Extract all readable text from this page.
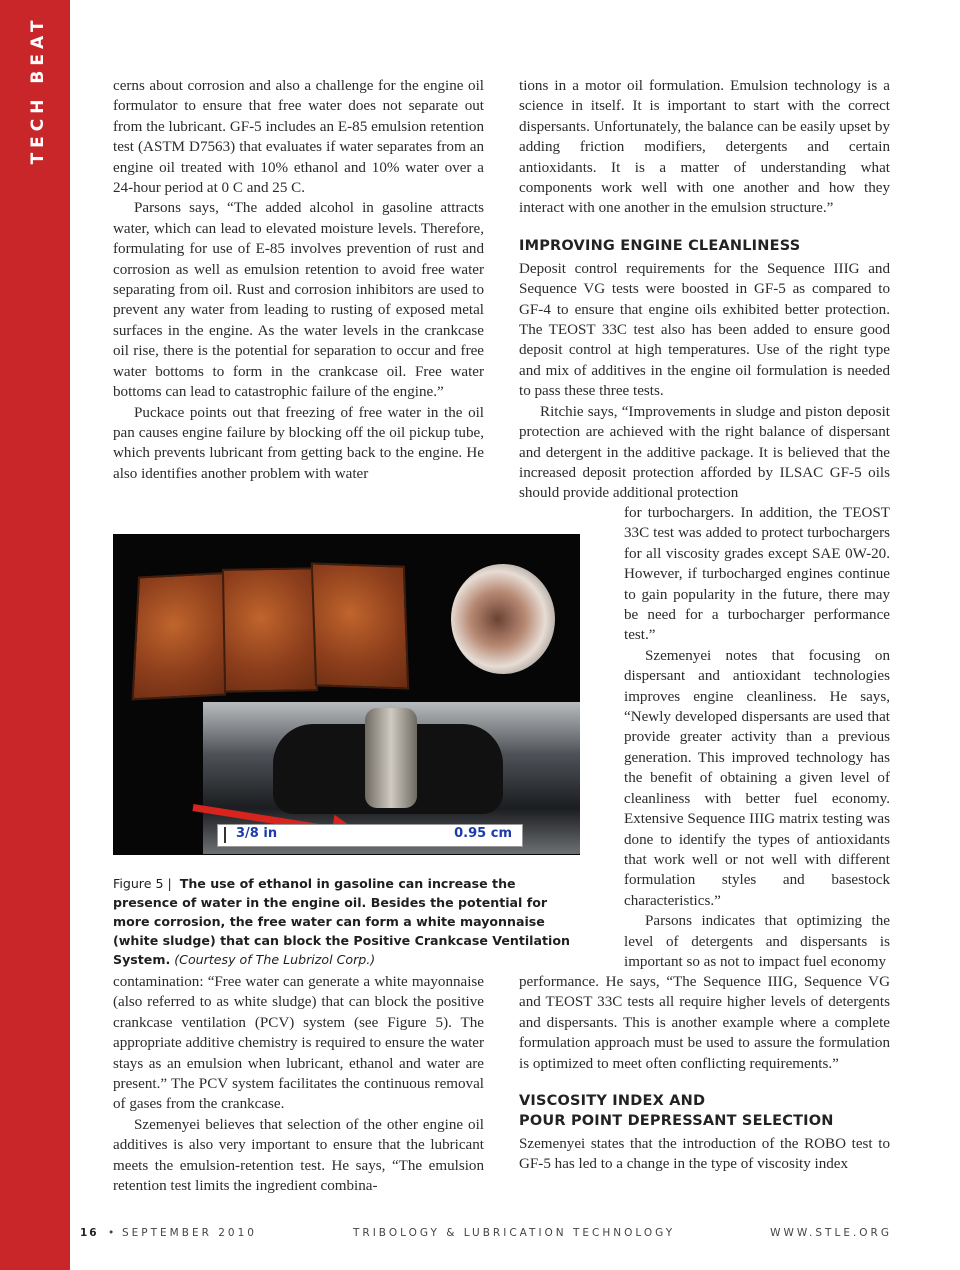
TECH BEAT	cerns about corrosion and also a challenge for the engine oil formulator to ensure that free water does not separate out from the lubricant. GF-5 includes an E-85 emulsion retention test (ASTM D7563) that evaluates if water separates from an engine oil treated with 10% ethanol and 10% water over a 24-hour period at 0 C and 25 C.

Parsons says, “The added alcohol in gasoline attracts water, which can lead to elevated moisture levels. Therefore, formulating for use of E-85 involves prevention of rust and corrosion as well as emulsion retention to avoid free water separating from oil. Rust and corrosion inhibitors are used to prevent any water from leading to rusting of exposed metal surfaces in the engine. As the water levels in the crankcase oil rise, there is the potential for separation to occur and free water bottoms to form in the crankcase oil. Free water bottoms can lead to catastrophic failure of the engine.”

Puckace points out that freezing of free water in the oil pan causes engine failure by blocking off the oil pickup tube, which prevents lubricant from getting back to the engine. He also identifies another problem with water

3/8 in	0.95 cm
Figure 5 | The use of ethanol in gasoline can increase the presence of water in the engine oil. Besides the potential for more corrosion, the free water can form a white mayonnaise (white sludge) that can block the Positive Crankcase Ventilation System. (Courtesy of The Lubrizol Corp.)

contamination: “Free water can generate a white mayonnaise (also referred to as white sludge) that can block the positive crankcase ventilation (PCV) system (see Figure 5). The appropriate additive chemistry is required to ensure the water stays as an emulsion when lubricant, ethanol and water are present.” The PCV system facilitates the continuous removal of gases from the crankcase.

Szemenyei believes that selection of the other engine oil additives is also very important to ensure that the lubricant meets the emulsion-retention test. He says, “The emulsion retention test limits the ingredient combina-

tions in a motor oil formulation. Emulsion technology is a science in itself. It is important to start with the correct dispersants. Unfortunately, the balance can be easily upset by adding friction modifiers, detergents and certain antioxidants. It is a matter of understanding what components work well with one another and how they interact with one another in the emulsion structure.”

IMPROVING ENGINE CLEANLINESS

Deposit control requirements for the Sequence IIIG and Sequence VG tests were boosted in GF-5 as compared to GF-4 to ensure that engine oils exhibited better protection. The TEOST 33C test also has been added to ensure good deposit control at high temperatures. Use of the right type and mix of additives in the engine oil formulation is needed to pass these three tests.

Ritchie says, “Improvements in sludge and piston deposit protection are achieved with the right balance of dispersant and detergent in the additive package. It is believed that the increased deposit protection afforded by ILSAC GF-5 oils should provide additional protection

for turbochargers. In addition, the TEOST 33C test was added to protect turbochargers for all viscosity grades except SAE 0W-20. However, if turbocharged engines continue to gain popularity in the future, there may be need for a turbocharger performance test.”

Szemenyei notes that focusing on dispersant and antioxidant technologies improves engine cleanliness. He says, “Newly developed dispersants are used that provide greater activity than a previous generation. This improved technology has the benefit of obtaining a given level of cleanliness with better fuel economy. Extensive Sequence IIIG matrix testing was done to identify the types of antioxidants that work well or not well with different formulation styles and basestock characteristics.”

Parsons indicates that optimizing the level of detergents and dispersants is important so as not to impact fuel economy

performance. He says, “The Sequence IIIG, Sequence VG and TEOST 33C tests all require higher levels of detergents and dispersants. This is another example where a complete formulation approach must be used to assure the formulation is optimized to meet often conflicting requirements.”

VISCOSITY INDEX AND
POUR POINT DEPRESSANT SELECTION

Szemenyei states that the introduction of the ROBO test to GF-5 has led to a change in the type of viscosity index

16 • SEPTEMBER 2010	TRIBOLOGY & LUBRICATION TECHNOLOGY	WWW.STLE.ORG
